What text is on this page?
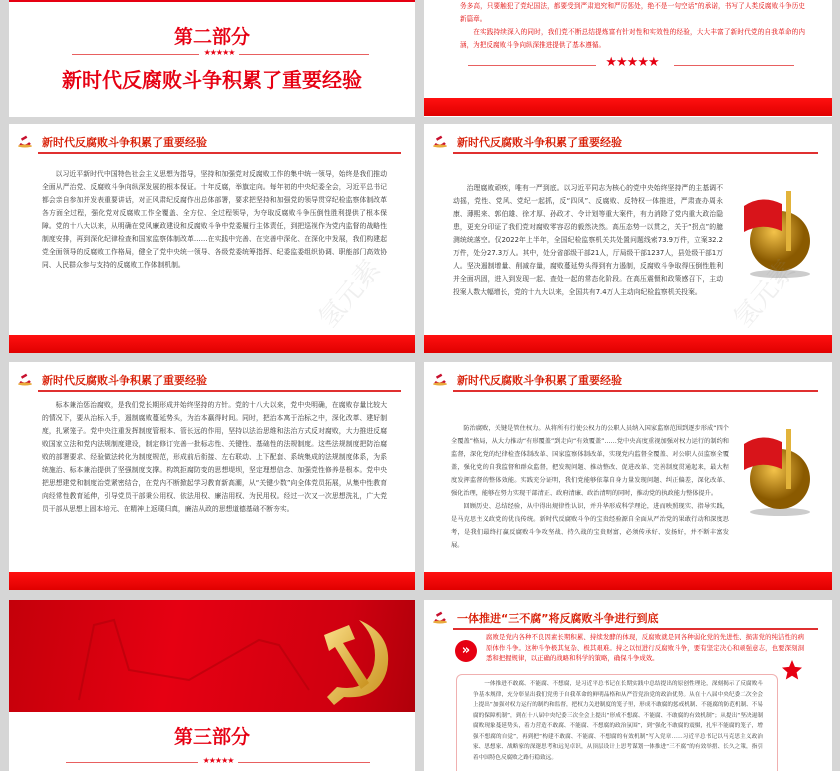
第二部分
★★★★★
新时代反腐败斗争积累了重要经验

务多高，只要触犯了党纪国法，都要受到严肃追究和严厉惩处，绝不是一句空话”的承诺，书写了人类反腐败斗争历史新篇章。

在实践持续深入的同时，我们党不断总结提炼富有针对性和实效性的经验，大大丰富了新时代党的自我革命的内涵，为把反腐败斗争向纵深推进提供了基本遵循。

★★★★★
新时代反腐败斗争积累了重要经验

以习近平新时代中国特色社会主义思想为指导，坚持和加强党对反腐败工作的集中统一领导，始终是我们推动全面从严治党、反腐败斗争向纵深发展的根本保证。十年反腐，举旗定向。每年初的中央纪委全会，习近平总书记都会亲自参加并发表重要讲话，对正风肃纪反腐作出总体部署，要求把坚持和加强党的领导贯穿纪检监察体制改革各方面全过程，强化党对反腐败工作全覆盖、全方位、全过程领导，为夺取反腐败斗争压倒性胜利提供了根本保障。党的十八大以来，从明确在党风廉政建设和反腐败斗争中党委履行主体责任，到把巡视作为党内监督的战略性制度安排，再到深化纪律检查和国家监察体制改革……在实践中完善、在完善中深化、在深化中发展，我们构建起党全面领导的反腐败工作格局，健全了党中央统一领导、各级党委统筹指挥、纪委监委组织协调、职能部门高效协同、人民群众参与支持的反腐败工作体制机制。	氢元素
新时代反腐败斗争积累了重要经验

治理腐败顽疾，唯有一严到底。以习近平同志为核心的党中央始终坚持严的主基调不动摇，党性、党风、党纪一起抓，反“四风”、反腐败、反特权一体推进，严肃查办周永康、薄熙来、郭伯雄、徐才厚、孙政才、令计划等重大案件，有力消除了党内重大政治隐患，更充分印证了我们党对腐败零容忍的毅然决然。高压态势一以贯之，关于“拐点”的臆测统统落空。仅2022年上半年，全国纪检监察机关共处置问题线索73.9万件，立案32.2万件，处分27.3万人。其中，处分省部级干部21人，厅局级干部1237人，县处级干部1万人。坚决遏制增量、削减存量，腐败蔓延势头得到有力遏制，反腐败斗争取得压倒性胜利并全面巩固，进入到发现一起、查处一起的常态化阶段。在高压震慑和政策感召下，主动投案人数大幅增长，党的十九大以来，全国共有7.4万人主动向纪检监察机关投案。	氢元素
新时代反腐败斗争积累了重要经验

标本兼治惩治腐败，是我们党长期形成并始终坚持的方针。党的十八大以来，党中央明确，在腐败存量比较大的情况下，要从治标入手，遏制腐败蔓延势头，为治本赢得时间。同时，把治本寓于治标之中，深化改革、建好制度，扎紧笼子。党中央注重发挥制度管根本、管长远的作用，坚持以法治思维和法治方式反对腐败，大力推进反腐败国家立法和党内法规制度建设，制定修订完善一批标志性、关键性、基础性的法规制度。这些法规制度把防治腐败的部署要求、经验做法转化为制度规范，形成前后衔接、左右联动、上下配套、系统集成的法规制度体系，为系统施治、标本兼治提供了坚强制度支撑。构筑拒腐防变的思想堤坝，坚定理想信念、加强党性修养是根本。党中央把思想建党和制度治党紧密结合，在党内不断掀起学习教育新高潮，从“关键少数”向全体党员拓展，从集中性教育向经常性教育延伸，引导党员干部秉公用权、依法用权、廉洁用权、为民用权。经过一次又一次思想洗礼，广大党员干部从思想上固本培元、在精神上返璞归真，廉洁从政的思想道德基础不断夯实。

新时代反腐败斗争积累了重要经验

防治腐败，关键是管住权力。从将所有行使公权力的公职人员纳入国家监察范围到逐步形成“四个全覆盖”格局，从大力推动“有形覆盖”到走向“有效覆盖”……党中央高度重视加强对权力运行的制约和监督，深化党的纪律检查体制改革、国家监察体制改革，实现党内监督全覆盖、对公职人员监察全覆盖，强化党的自我监督和群众监督，把发现问题、推动整改、促进改革、完善制度贯通起来，最大程度发挥监督的整体效能。实践充分证明，我们党能够依靠自身力量发现问题、纠正偏差，深化改革、强化治理，能够在努力实现干部清正、政府清廉、政治清明的同时，推动党的执政能力整体提升。

回顾历史、总结经验，从中得出规律性认识，并升华形成科学理论，进而映照现实、指导实践，是马克思主义政党的优良传统。新时代反腐败斗争的宝贵经验源自全面从严治党的果敢行动和深度思考，是我们最终打赢反腐败斗争攻坚战、持久战的宝贵财富，必须传承好、发扬好，并不断丰富发展。

第三部分
★★★★★
一体推进“三不腐”将反腐败斗争进行到底
»
腐败是党内各种不良因素长期积累、持续发酵的体现，反腐败就是同各种弱化党的先进性、损害党的纯洁性的病原体作斗争。这种斗争极其复杂、极其艰难。持之以恒进行反腐败斗争，要有坚定决心和顽强意志，也要深刻洞悉和把握规律，以正确的战略和科学的策略，确保斗争成效。
一体推进不敢腐、不能腐、不想腐，是习近平总书记在长期实践中总结提出的原创性理论，深刻揭示了反腐败斗争基本规律，充分彰显出我们党勇于自我革命的鲜明品格和从严管党治党的政治优势。从在十八届中央纪委二次全会上提出“加强对权力运行的制约和监督，把权力关进制度的笼子里，形成不敢腐的惩戒机制、不能腐的防范机制、不易腐的保障机制”，到在十八届中央纪委三次全会上提出“形成不想腐、不能腐、不敢腐的有效机制”；从提出“坚决遏制腐败现象蔓延势头，着力营造不敢腐、不能腐、不想腐的政治氛围”，到“强化不敢腐的震慑，扎牢不能腐的笼子，增强不想腐的自觉”，再到把“构建不敢腐、不能腐、不想腐的有效机制”写入党章……习近平总书记以马克思主义政治家、思想家、战略家的深邃思考和远见卓识，从顶层设计上思考谋划一体推进“三不腐”的有效举措、长久之策，指引着中国特色反腐败之路行稳致远。
